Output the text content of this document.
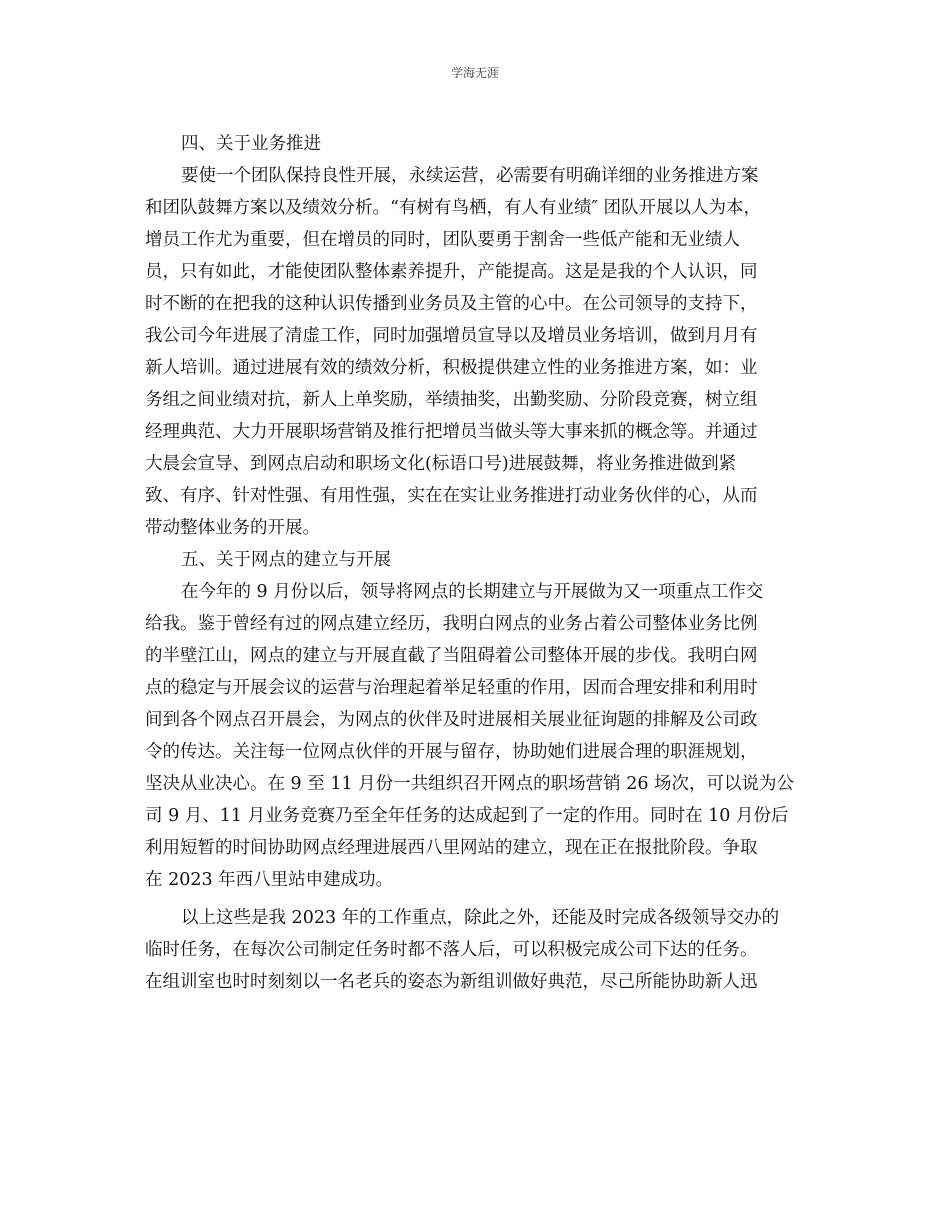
学海无涯
四、关于业务推进
要使一个团队保持良性开展，永续运营，必需要有明确详细的业务推进方案
和团队鼓舞方案以及绩效分析。“有树有鸟栖，有人有业绩″ 团队开展以人为本，
增员工作尤为重要，但在增员的同时，团队要勇于割舍一些低产能和无业绩人
员，只有如此，才能使团队整体素养提升，产能提高。这是是我的个人认识，同
时不断的在把我的这种认识传播到业务员及主管的心中。在公司领导的支持下，
我公司今年进展了清虚工作，同时加强增员宣导以及增员业务培训，做到月月有
新人培训。通过进展有效的绩效分析，积极提供建立性的业务推进方案，如：业
务组之间业绩对抗，新人上单奖励，举绩抽奖，出勤奖励、分阶段竞赛，树立组
经理典范、大力开展职场营销及推行把增员当做头等大事来抓的概念等。并通过
大晨会宣导、到网点启动和职场文化(标语口号)进展鼓舞，将业务推进做到紧
致、有序、针对性强、有用性强，实在在实让业务推进打动业务伙伴的心，从而
带动整体业务的开展。
五、关于网点的建立与开展
在今年的 9 月份以后，领导将网点的长期建立与开展做为又一项重点工作交
给我。鉴于曾经有过的网点建立经历，我明白网点的业务占着公司整体业务比例
的半壁江山，网点的建立与开展直截了当阻碍着公司整体开展的步伐。我明白网
点的稳定与开展会议的运营与治理起着举足轻重的作用，因而合理安排和利用时
间到各个网点召开晨会，为网点的伙伴及时进展相关展业征询题的排解及公司政
令的传达。关注每一位网点伙伴的开展与留存，协助她们进展合理的职涯规划，
坚决从业决心。在 9 至 11 月份一共组织召开网点的职场营销 26 场次，可以说为公
司 9 月、11 月业务竞赛乃至全年任务的达成起到了一定的作用。同时在 10 月份后
利用短暂的时间协助网点经理进展西八里网站的建立，现在正在报批阶段。争取
在 2023 年西八里站申建成功。
以上这些是我 2023 年的工作重点，除此之外，还能及时完成各级领导交办的
临时任务，在每次公司制定任务时都不落人后，可以积极完成公司下达的任务。
在组训室也时时刻刻以一名老兵的姿态为新组训做好典范，尽己所能协助新人迅
